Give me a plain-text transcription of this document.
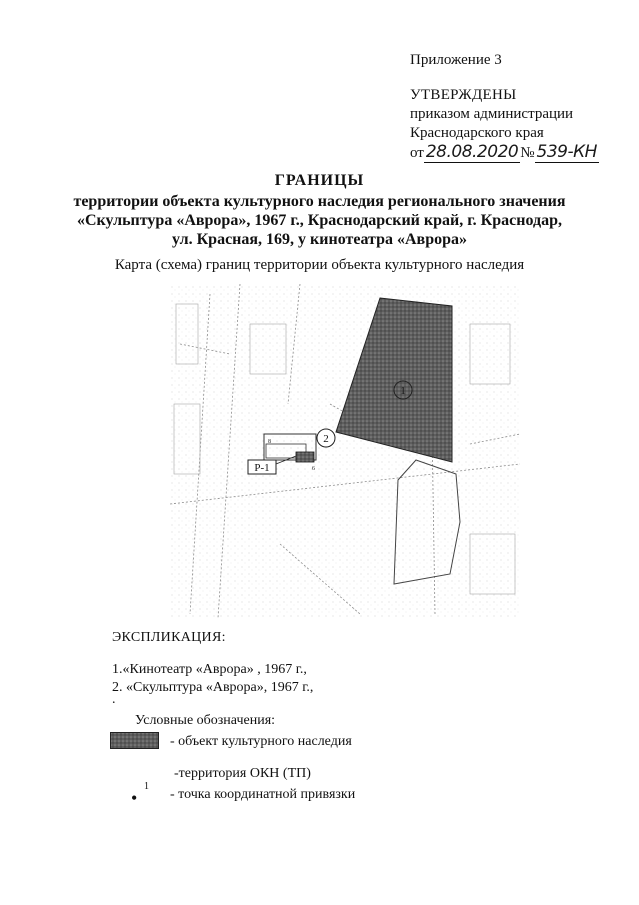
Приложение 3
УТВЕРЖДЕНЫ
приказом администрации
Краснодарского края
от 28.08.2020 № 539-КН
ГРАНИЦЫ
территории объекта культурного наследия регионального значения
«Скульптура «Аврора», 1967 г., Краснодарский край, г. Краснодар,
ул. Красная, 169, у кинотеатра «Аврора»
Карта (схема) границ территории объекта культурного наследия
1
2
8
6
Р-1
ЭКСПЛИКАЦИЯ:
1.«Кинотеатр «Аврора» , 1967 г.,
2. «Скульптура «Аврора», 1967 г.,
.
Условные обозначения:
- объект культурного наследия
-территория ОКН (ТП)
•
1
- точка координатной привязки
